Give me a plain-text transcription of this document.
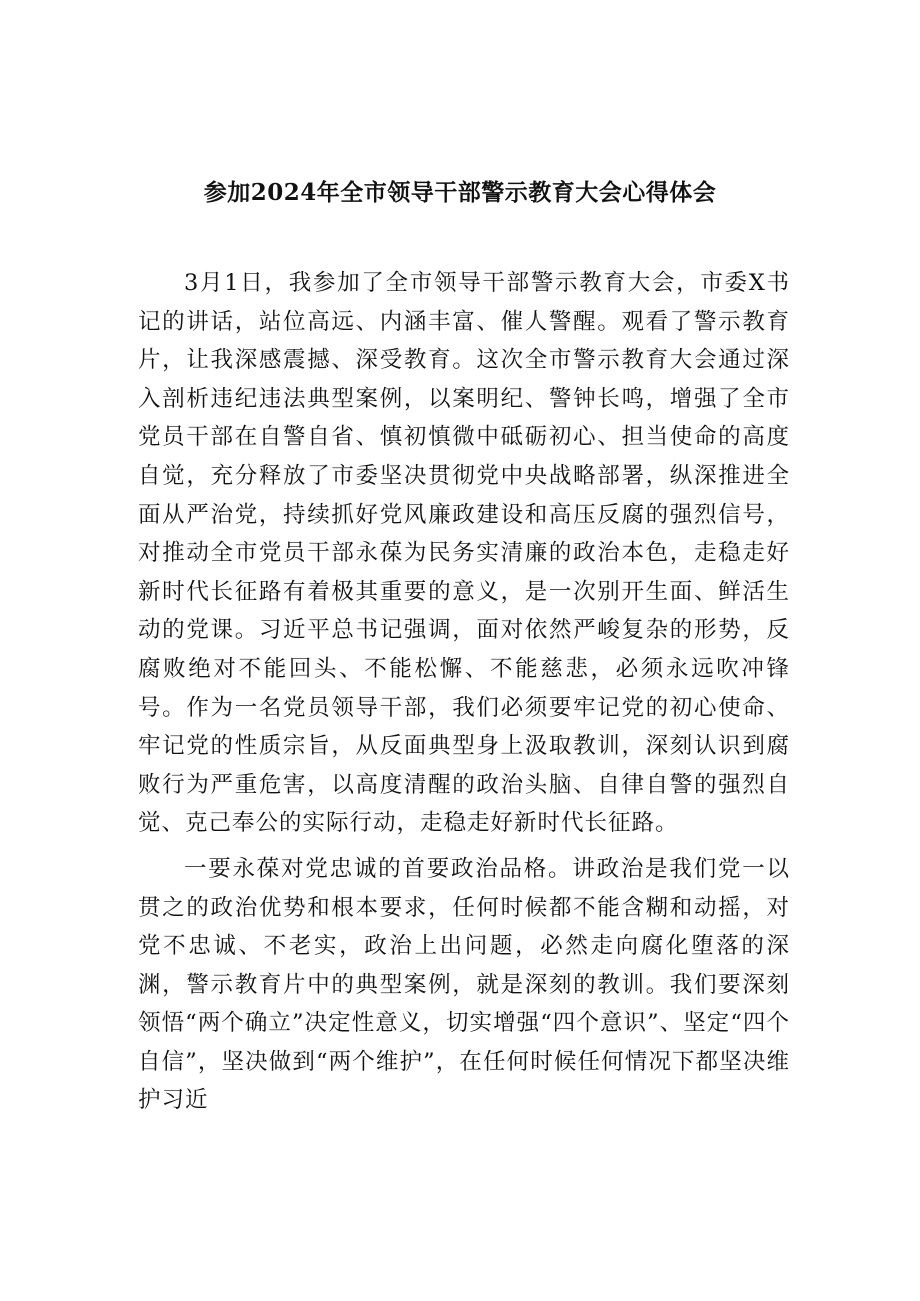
参加2024年全市领导干部警示教育大会心得体会

3月1日，我参加了全市领导干部警示教育大会，市委X书记的讲话，站位高远、内涵丰富、催人警醒。观看了警示教育片，让我深感震撼、深受教育。这次全市警示教育大会通过深入剖析违纪违法典型案例，以案明纪、警钟长鸣，增强了全市党员干部在自警自省、慎初慎微中砥砺初心、担当使命的高度自觉，充分释放了市委坚决贯彻党中央战略部署，纵深推进全面从严治党，持续抓好党风廉政建设和高压反腐的强烈信号，对推动全市党员干部永葆为民务实清廉的政治本色，走稳走好新时代长征路有着极其重要的意义，是一次别开生面、鲜活生动的党课。习近平总书记强调，面对依然严峻复杂的形势，反腐败绝对不能回头、不能松懈、不能慈悲，必须永远吹冲锋号。作为一名党员领导干部，我们必须要牢记党的初心使命、牢记党的性质宗旨，从反面典型身上汲取教训，深刻认识到腐败行为严重危害，以高度清醒的政治头脑、自律自警的强烈自觉、克己奉公的实际行动，走稳走好新时代长征路。

一要永葆对党忠诚的首要政治品格。讲政治是我们党一以贯之的政治优势和根本要求，任何时候都不能含糊和动摇，对党不忠诚、不老实，政治上出问题，必然走向腐化堕落的深渊，警示教育片中的典型案例，就是深刻的教训。我们要深刻领悟“两个确立”决定性意义，切实增强“四个意识”、坚定“四个自信”，坚决做到“两个维护”，在任何时候任何情况下都坚决维护习近
